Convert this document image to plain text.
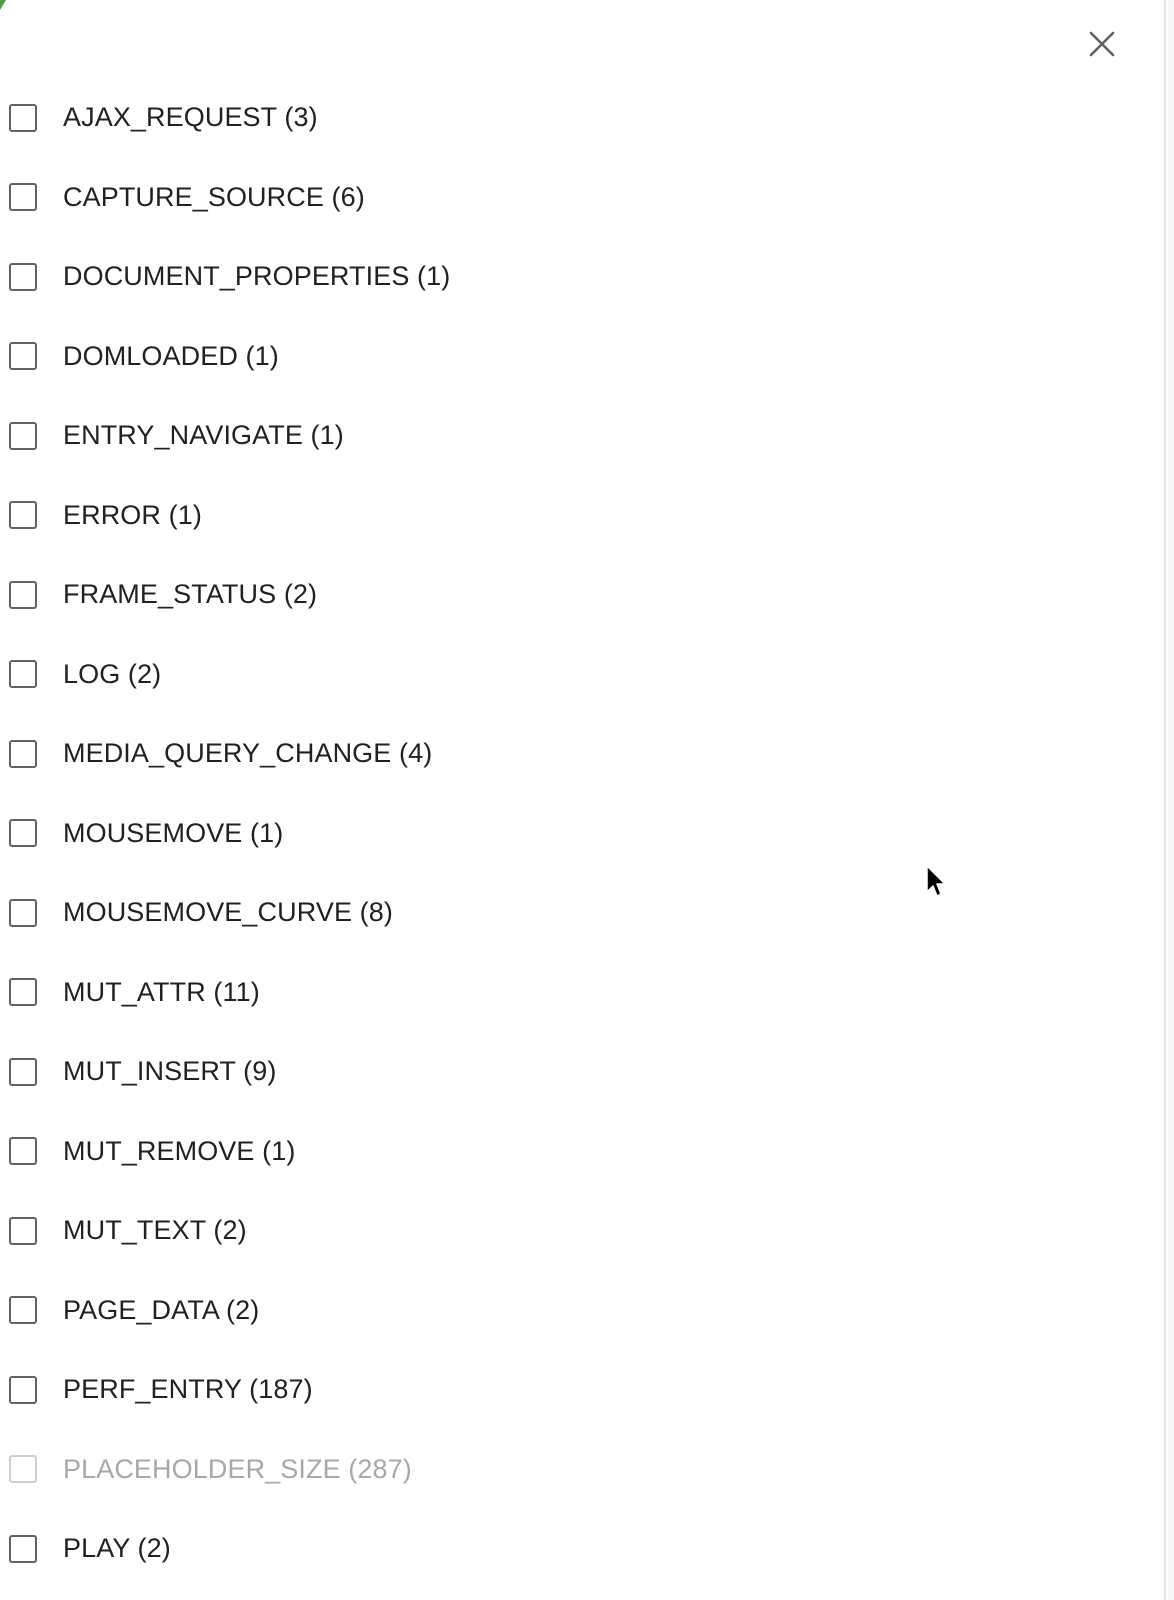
AJAX_REQUEST (3)
CAPTURE_SOURCE (6)
DOCUMENT_PROPERTIES (1)
DOMLOADED (1)
ENTRY_NAVIGATE (1)
ERROR (1)
FRAME_STATUS (2)
LOG (2)
MEDIA_QUERY_CHANGE (4)
MOUSEMOVE (1)
MOUSEMOVE_CURVE (8)
MUT_ATTR (11)
MUT_INSERT (9)
MUT_REMOVE (1)
MUT_TEXT (2)
PAGE_DATA (2)
PERF_ENTRY (187)
PLACEHOLDER_SIZE (287)
PLAY (2)
